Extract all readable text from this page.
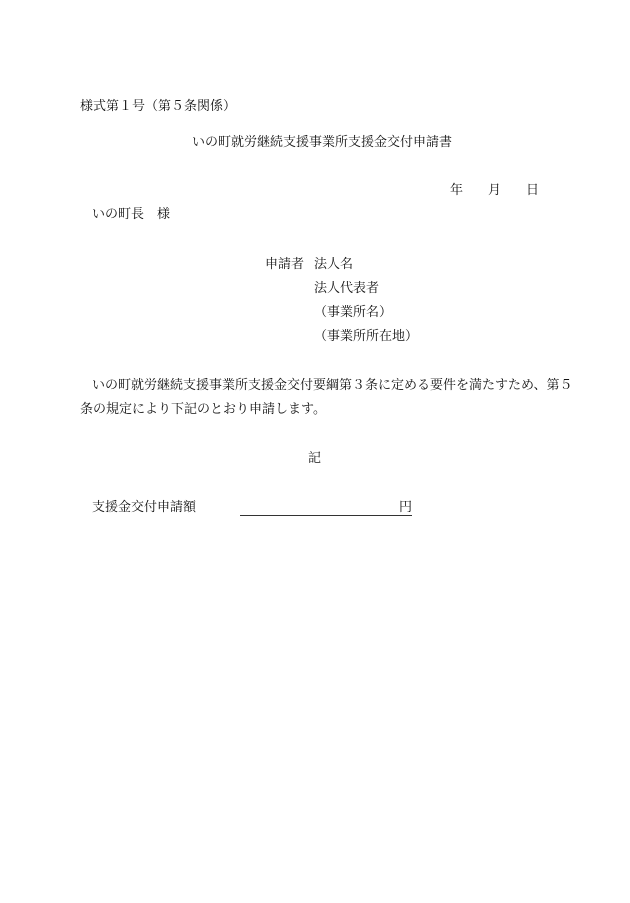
様式第１号（第５条関係）
いの町就労継続支援事業所支援金交付申請書
年 月 日
いの町長　様
申請者 法人名
法人代表者
（事業所名）
（事業所所在地）
いの町就労継続支援事業所支援金交付要綱第３条に定める要件を満たすため、第５
条の規定により下記のとおり申請します。
記
支援金交付申請額	円
